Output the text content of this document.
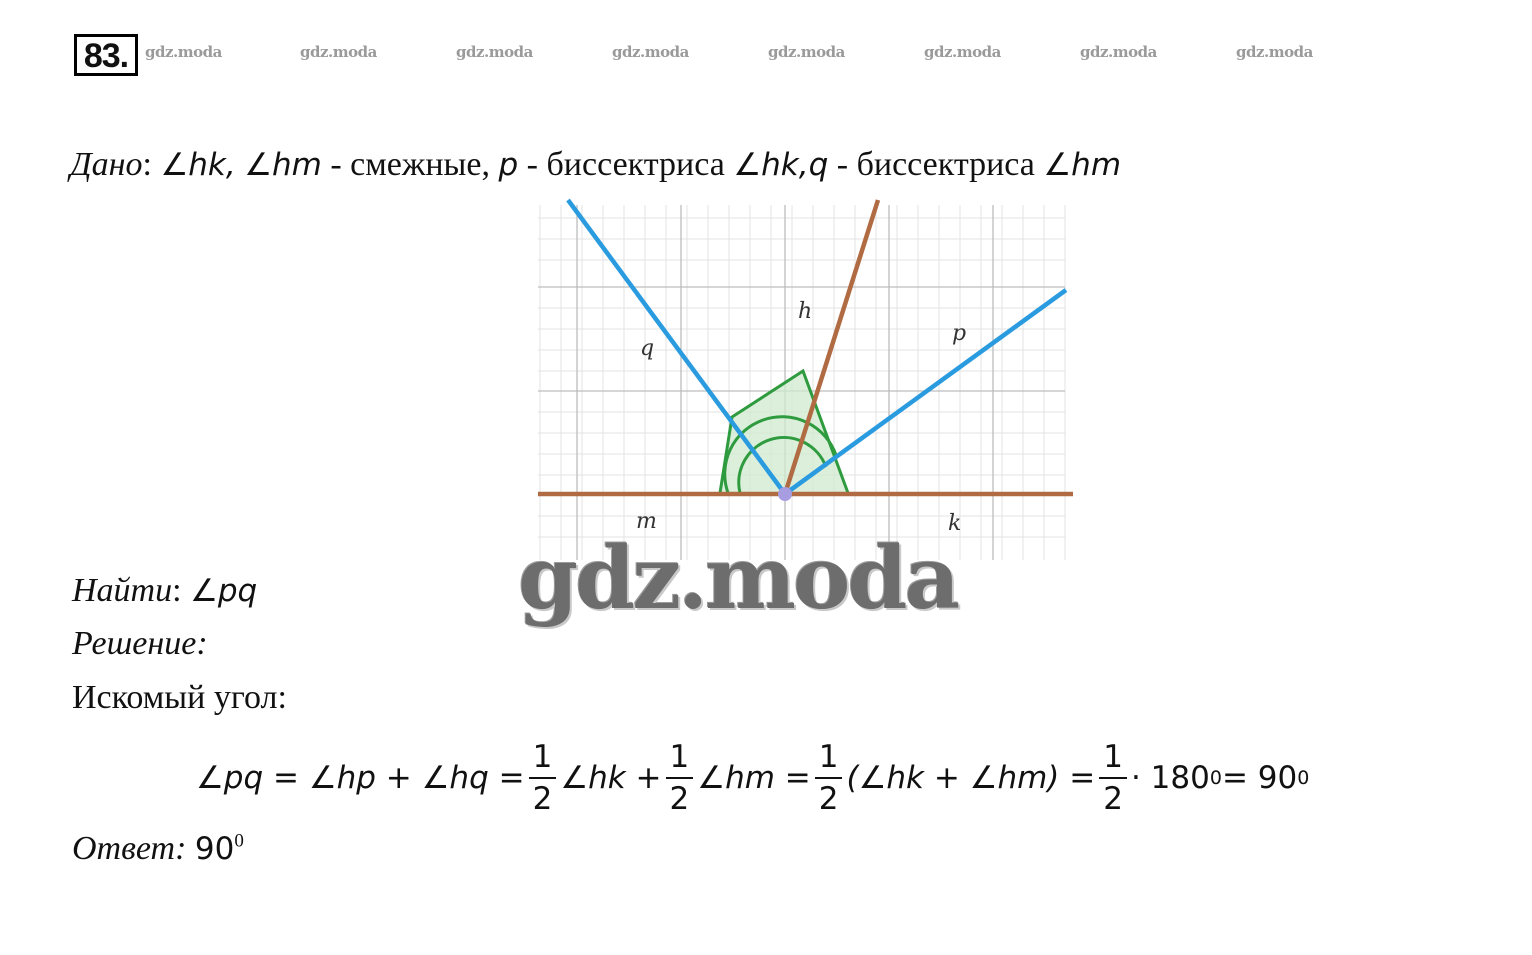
83.	gdz.moda	gdz.moda	gdz.moda	gdz.moda	gdz.moda	gdz.moda	gdz.moda	gdz.moda
Дано: ∠hk, ∠hm - смежные, p - биссектриса ∠hk,q - биссектриса ∠hm
h
q
p
m	k
gdz.moda
Найти: ∠pq
Решение:
Искомый угол:
∠pq = ∠hp + ∠hq = $\frac{1}{2}$ ∠hk + $\frac{1}{2}$ ∠hm = $\frac{1}{2}$ (∠hk + ∠hm) = $\frac{1}{2} \cdot 180$ 0 = 90 0
Ответ: $90^0$
